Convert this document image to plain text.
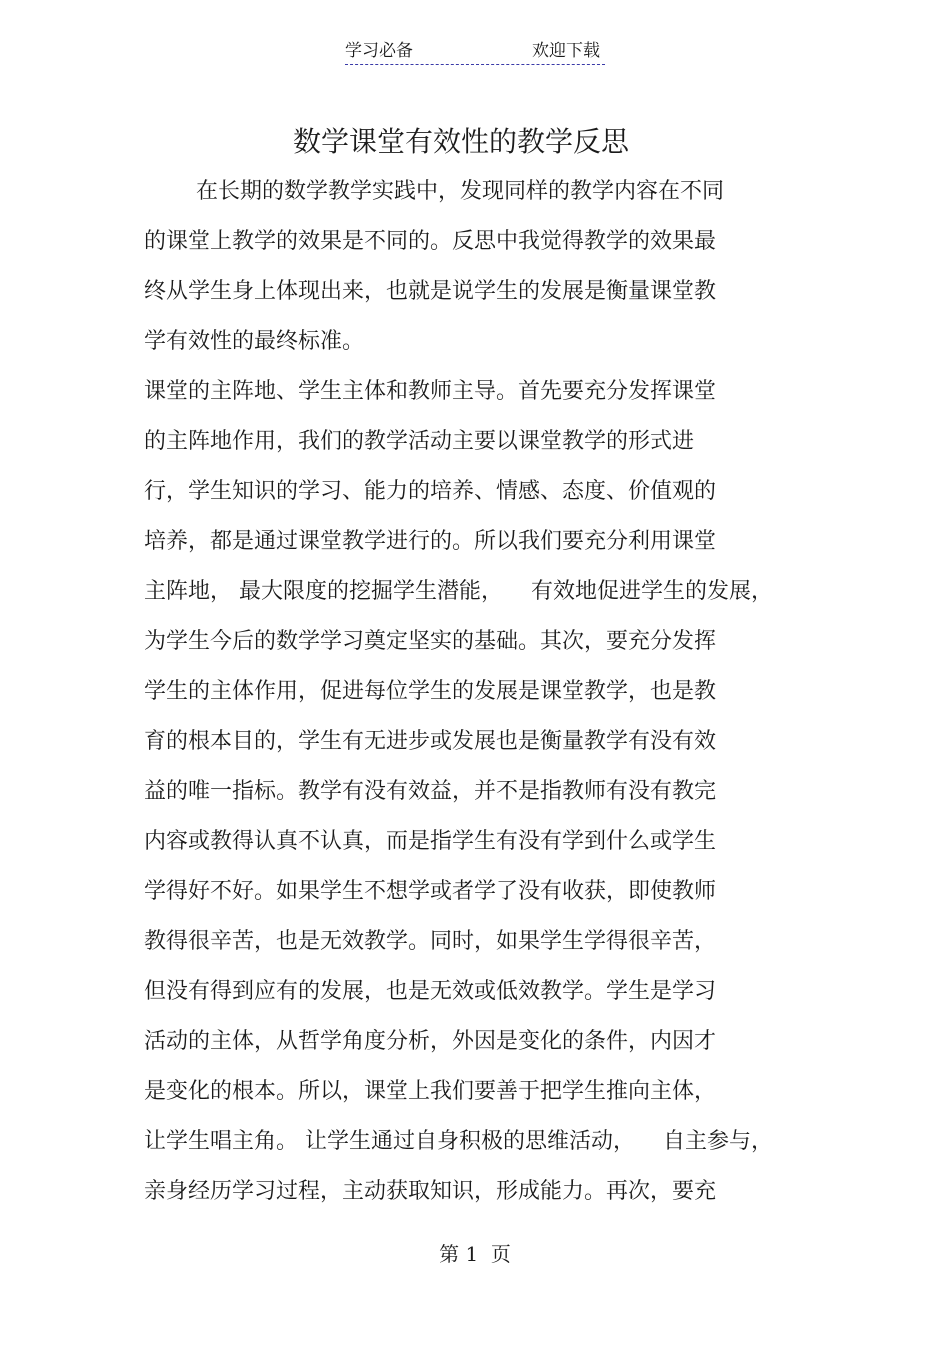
学习必备	欢迎下载
数学课堂有效性的教学反思
在长期的数学教学实践中，发现同样的教学内容在不同
的课堂上教学的效果是不同的。反思中我觉得教学的效果最
终从学生身上体现出来，也就是说学生的发展是衡量课堂教
学有效性的最终标准。
课堂的主阵地、学生主体和教师主导。首先要充分发挥课堂
的主阵地作用，我们的教学活动主要以课堂教学的形式进
行，学生知识的学习、能力的培养、情感、态度、价值观的
培养，都是通过课堂教学进行的。所以我们要充分利用课堂
主阵地， 最大限度的挖掘学生潜能，    有效地促进学生的发展，
为学生今后的数学学习奠定坚实的基础。其次，要充分发挥
学生的主体作用，促进每位学生的发展是课堂教学，也是教
育的根本目的，学生有无进步或发展也是衡量教学有没有效
益的唯一指标。教学有没有效益，并不是指教师有没有教完
内容或教得认真不认真，而是指学生有没有学到什么或学生
学得好不好。如果学生不想学或者学了没有收获，即使教师
教得很辛苦，也是无效教学。同时，如果学生学得很辛苦，
但没有得到应有的发展，也是无效或低效教学。学生是学习
活动的主体，从哲学角度分析，外因是变化的条件，内因才
是变化的根本。所以，课堂上我们要善于把学生推向主体，
让学生唱主角。 让学生通过自身积极的思维活动，    自主参与，
亲身经历学习过程，主动获取知识，形成能力。再次，要充
第 1  页
